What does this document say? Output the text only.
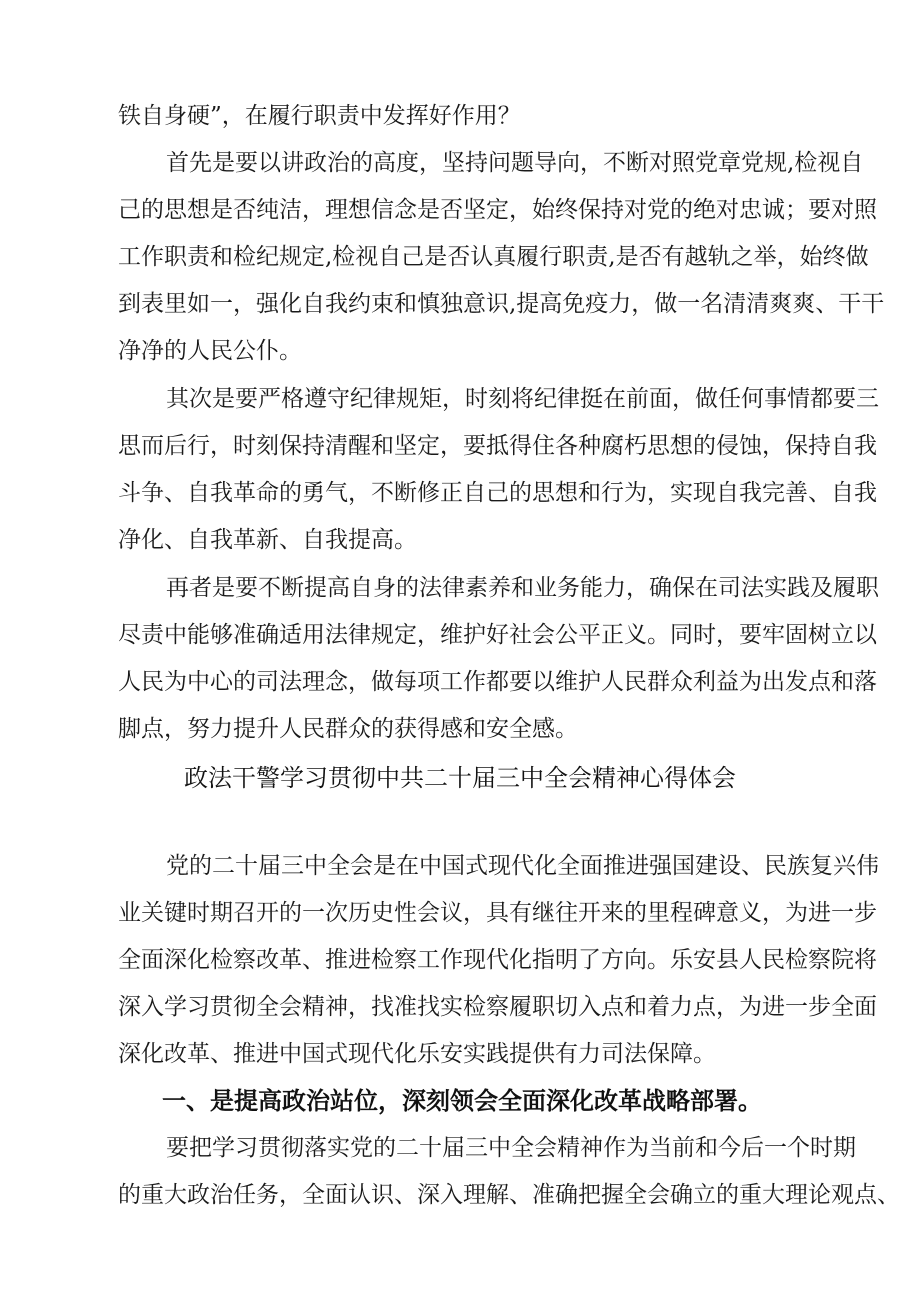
铁自身硬”，在履行职责中发挥好作用？
首先是要以讲政治的高度，坚持问题导向，不断对照党章党规,检视自
己的思想是否纯洁，理想信念是否坚定，始终保持对党的绝对忠诚；要对照
工作职责和检纪规定,检视自己是否认真履行职责,是否有越轨之举，始终做
到表里如一，强化自我约束和慎独意识,提高免疫力，做一名清清爽爽、干干
净净的人民公仆。
其次是要严格遵守纪律规矩，时刻将纪律挺在前面，做任何事情都要三
思而后行，时刻保持清醒和坚定，要抵得住各种腐朽思想的侵蚀，保持自我
斗争、自我革命的勇气，不断修正自己的思想和行为，实现自我完善、自我
净化、自我革新、自我提高。
再者是要不断提高自身的法律素养和业务能力，确保在司法实践及履职
尽责中能够准确适用法律规定，维护好社会公平正义。同时，要牢固树立以
人民为中心的司法理念，做每项工作都要以维护人民群众利益为出发点和落
脚点，努力提升人民群众的获得感和安全感。
政法干警学习贯彻中共二十届三中全会精神心得体会
党的二十届三中全会是在中国式现代化全面推进强国建设、民族复兴伟
业关键时期召开的一次历史性会议，具有继往开来的里程碑意义，为进一步
全面深化检察改革、推进检察工作现代化指明了方向。乐安县人民检察院将
深入学习贯彻全会精神，找准找实检察履职切入点和着力点，为进一步全面
深化改革、推进中国式现代化乐安实践提供有力司法保障。
一、是提高政治站位，深刻领会全面深化改革战略部署。
要把学习贯彻落实党的二十届三中全会精神作为当前和今后一个时期
的重大政治任务，全面认识、深入理解、准确把握全会确立的重大理论观点、
